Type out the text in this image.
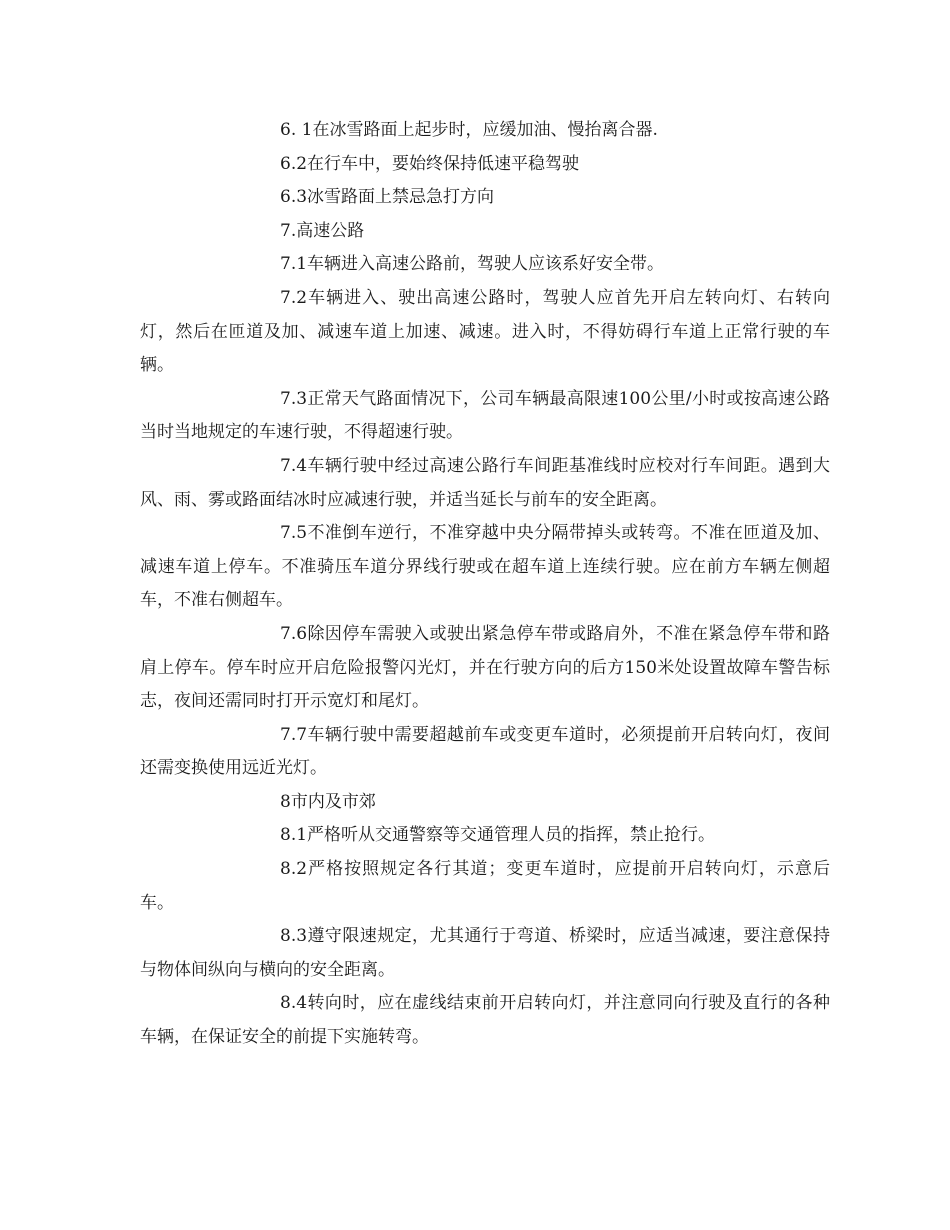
6. 1在冰雪路面上起步时，应缓加油、慢抬离合器.

6.2在行车中，要始终保持低速平稳驾驶

6.3冰雪路面上禁忌急打方向

7.高速公路

7.1车辆进入高速公路前，驾驶人应该系好安全带。

7.2车辆进入、驶出高速公路时，驾驶人应首先开启左转向灯、右转向灯，然后在匝道及加、减速车道上加速、减速。进入时，不得妨碍行车道上正常行驶的车辆。

7.3正常天气路面情况下，公司车辆最高限速100公里/小时或按高速公路当时当地规定的车速行驶，不得超速行驶。

7.4车辆行驶中经过高速公路行车间距基准线时应校对行车间距。遇到大风、雨、雾或路面结冰时应减速行驶，并适当延长与前车的安全距离。

7.5不准倒车逆行，不准穿越中央分隔带掉头或转弯。不准在匝道及加、减速车道上停车。不准骑压车道分界线行驶或在超车道上连续行驶。应在前方车辆左侧超车，不准右侧超车。

7.6除因停车需驶入或驶出紧急停车带或路肩外，不准在紧急停车带和路肩上停车。停车时应开启危险报警闪光灯，并在行驶方向的后方150米处设置故障车警告标志，夜间还需同时打开示宽灯和尾灯。

7.7车辆行驶中需要超越前车或变更车道时，必须提前开启转向灯，夜间还需变换使用远近光灯。

8市内及市郊

8.1严格听从交通警察等交通管理人员的指挥，禁止抢行。

8.2严格按照规定各行其道；变更车道时，应提前开启转向灯，示意后车。

8.3遵守限速规定，尤其通行于弯道、桥梁时，应适当减速，要注意保持与物体间纵向与横向的安全距离。

8.4转向时，应在虚线结束前开启转向灯，并注意同向行驶及直行的各种车辆，在保证安全的前提下实施转弯。
